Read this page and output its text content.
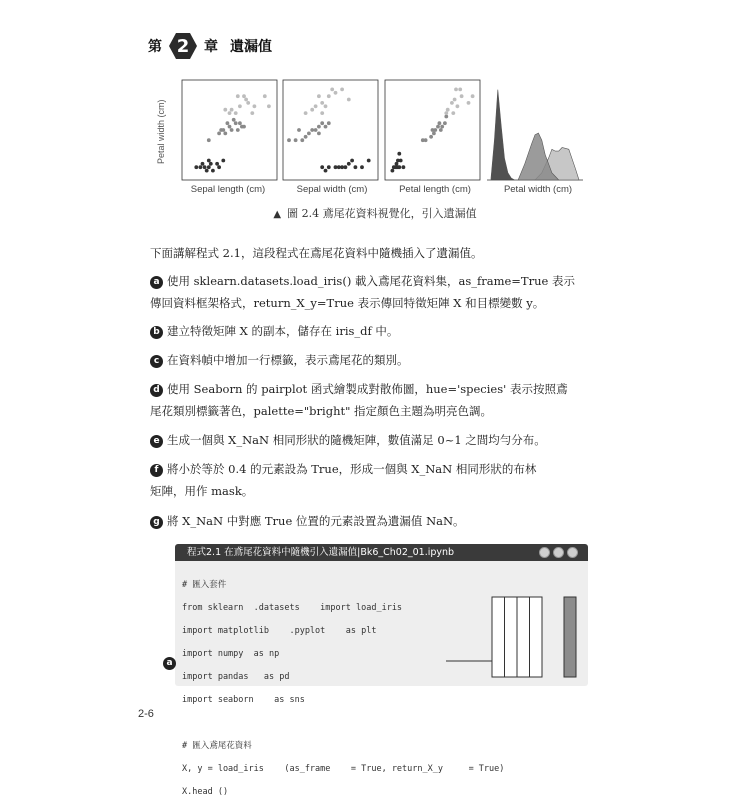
第 2	章 遺漏值
Petal width (cm)
Sepal length (cm)	Sepal width (cm)	Petal length (cm)	Petal width (cm)
▲ 圖 2.4 鳶尾花資料視覺化，引入遺漏值
下面講解程式 2.1，這段程式在鳶尾花資料中隨機插入了遺漏值。
a 使用 sklearn.datasets.load_iris() 載入鳶尾花資料集，as_frame=True 表示
傳回資料框架格式，return_X_y=True 表示傳回特徵矩陣 X 和目標變數 y。
b 建立特徵矩陣 X 的副本，儲存在 iris_df 中。
c 在資料幀中增加一行標籤，表示鳶尾花的類別。
d 使用 Seaborn 的 pairplot 函式繪製成對散佈圖，hue='species' 表示按照鳶
尾花類別標籤著色，palette="bright" 指定顏色主題為明亮色調。
e 生成一個與 X_NaN 相同形狀的隨機矩陣，數值滿足 0~1 之間均勻分布。
f 將小於等於 0.4 的元素設為 True，形成一個與 X_NaN 相同形狀的布林
矩陣，用作 mask。
g 將 X_NaN 中對應 True 位置的元素設置為遺漏值 NaN。
程式2.1 在鳶尾花資料中隨機引入遺漏值|Bk6_Ch02_01.ipynb

# 匯入套件

from sklearn  .datasets    import load_iris

import matplotlib    .pyplot    as plt

import numpy  as np

import pandas   as pd

import seaborn    as sns

# 匯入鳶尾花資料

X, y = load_iris    (as_frame    = True, return_X_y     = True)

X.head ()

a
2-6
